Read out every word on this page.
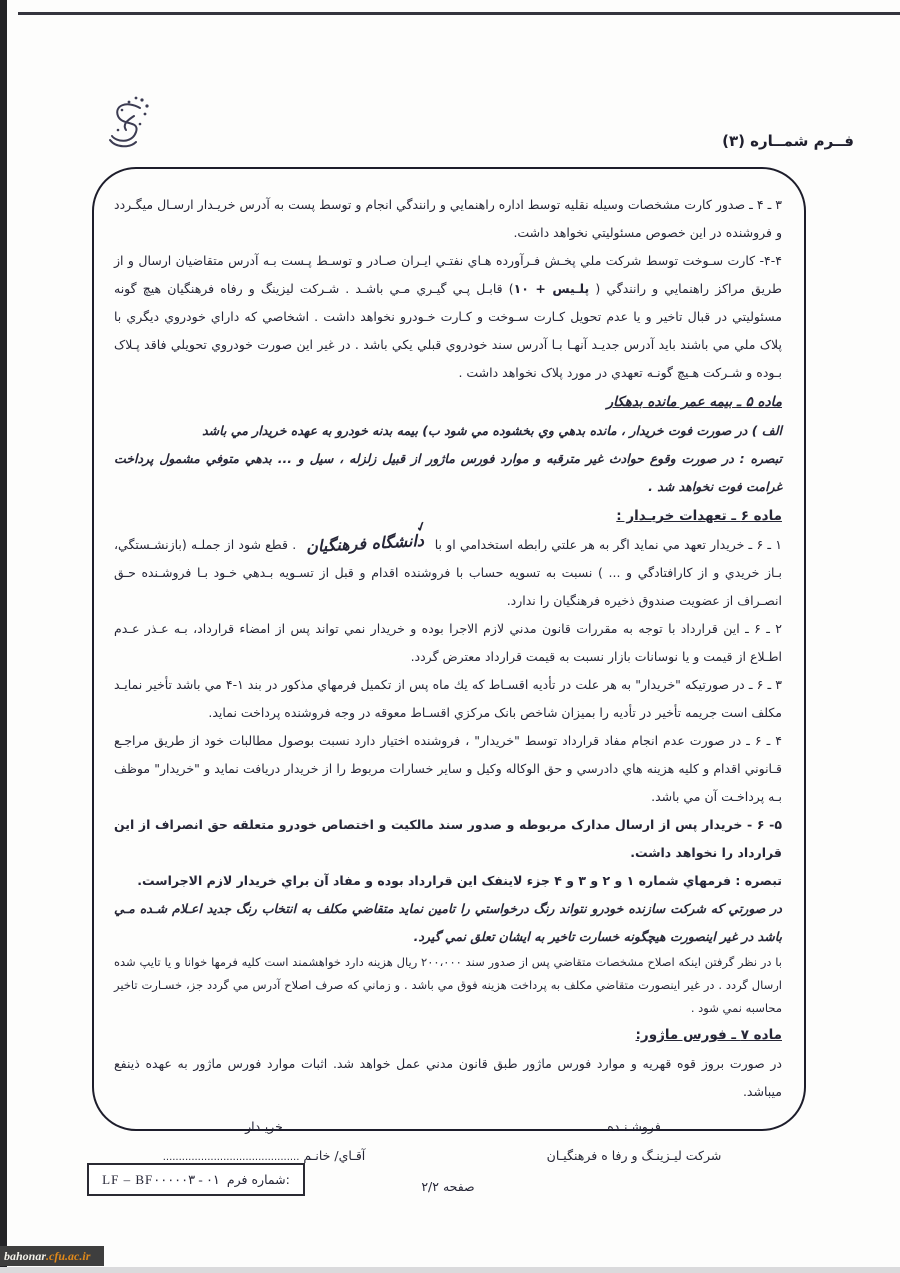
فــرم شمــاره (۳)

۳ ـ ۴ ـ صدور كارت مشخصات وسيله نقليه توسط اداره راهنمايي و رانندگي انجام و توسط پست به آدرس خريـدار ارسـال ميگـردد و فروشنده در اين خصوص مسئوليتي نخواهد داشت.

۴-۴- كارت سـوخت توسط شركت ملي پخـش فـرآورده هـاي نفتـي ايـران صـادر و توسـط پـست بـه آدرس متقاضيان ارسال و از طريق مراكز راهنمايي و رانندگي ( پلـيس + ۱۰) قابـل پـي گيـري مـي باشـد . شـركت ليزينگ و رفاه فرهنگيان هيچ گونه مسئوليتي در قبال تاخير و يا عدم تحويل كـارت سـوخت و كـارت خـودرو نخواهد داشت . اشخاصي كه داراي خودروي ديگري با پلاک ملي مي باشند بايد آدرس جديـد آنهـا بـا آدرس سند خودروي قبلي يكي باشد . در غير اين صورت خودروي تحويلي فاقد پـلاک بـوده و شـركت هـيچ گونـه تعهدي در مورد پلاک نخواهد داشت .

ماده ۵ ـ بيمه عمر مانده بدهكار

الف ) در صورت فوت خريدار ، مانده بدهي وي بخشوده مي شود ب) بيمه بدنه خودرو به عهده خريدار مي باشد

تبصره : در صورت وقوع حوادث غير مترقبه و موارد فورس ماژور از قبيل زلزله ، سيل و ... بدهي متوفي مشمول پرداخت غرامت فوت نخواهد شد .

ماده ۶ ـ تعهدات خريـدار :

۱ ـ ۶ ـ خريدار تعهد مي نمايد اگر به هر علتي رابطه استخدامي او با
✓
دانشگاه فرهنگيان . قطع شود از جملـه (بازنشـستگي، بـاز خريدي و از كارافتادگي و ... ) نسبت به تسويه حساب با فروشنده اقدام و قبل از تسـويه بـدهي خـود بـا فروشـنده حـق انصـراف از عضويت صندوق ذخيره فرهنگيان را ندارد.

۲ ـ ۶ ـ اين قرارداد با توجه به مقررات قانون مدني لازم الاجرا بوده و خريدار نمي تواند پس از امضاء قرارداد، بـه عـذر عـدم اطـلاع از قيمت و يا نوسانات بازار نسبت به قيمت قرارداد معترض گردد.

۳ ـ ۶ ـ در صورتيكه "خريدار" به هر علت در تأديه اقسـاط كه يك ماه پس از تكميل فرمهاي مذكور در بند ۱-۴ مي باشد تأخير نمايـد مكلف است جريمه تأخير در تأديه را بميزان شاخص بانک مركزي اقسـاط معوقه در وجه فروشنده پرداخت نمايد.

۴ ـ ۶ ـ در صورت عدم انجام مفاد قرارداد توسط "خريدار" ، فروشنده اختيار دارد نسبت بوصول مطالبات خود از طريق مراجـع قـانوني اقدام و كليه هزينه هاي دادرسي و حق الوكاله وكيل و ساير خسارات مربوط را از خريدار دريافت نمايد و "خريدار" موظف بـه پرداخـت آن مي باشد.

۵- ۶ - خريدار پس از ارسال مدارک مربوطه و صدور سند مالكيت و اختصاص خودرو متعلقه حق انصراف از اين قرارداد را نخواهد داشت.

تبصره : فرمهاي شماره ۱ و ۲ و ۳ و ۴ جزء لاينفک اين قرارداد بوده و مفاد آن براي خريدار لازم الاجراست.

در صورتي كه شركت سازنده خودرو نتواند رنگ درخواستي را تامين نمايد متقاضي مكلف به انتخاب رنگ جديد اعـلام شـده مـي باشد در غير اينصورت هيچگونه خسارت تاخير به ايشان تعلق نمي گيرد.

با در نظر گرفتن اينكه اصلاح مشخصات متقاضي پس از صدور سند ۲۰۰،۰۰۰ ريال هزينه دارد خواهشمند است كليه فرمها خوانا و يا تايپ شده ارسال گردد . در غير اينصورت متقاضي مكلف به پرداخت هزينه فوق مي باشد . و زماني كه صرف اصلاح آدرس مي گردد جز، خسـارت تاخير محاسبه نمي شود .

ماده ۷ ـ فورس ماژور:

در صورت بروز قوه قهريه و موارد فورس ماژور طبق قانون مدني عمل خواهد شد. اثبات موارد فورس ماژور به عهده ذينفع ميباشد.

فروشـنـده
شركت ليـزينـگ و رفا ه فرهنگيـان
خريـدار
آقـاي/ خانـم ...........................................

صفحه ۲/۲

شماره فرم:
LF – BF۰۰۰۰۰۳ - ۰۱
bahonar .cfu.ac.ir
